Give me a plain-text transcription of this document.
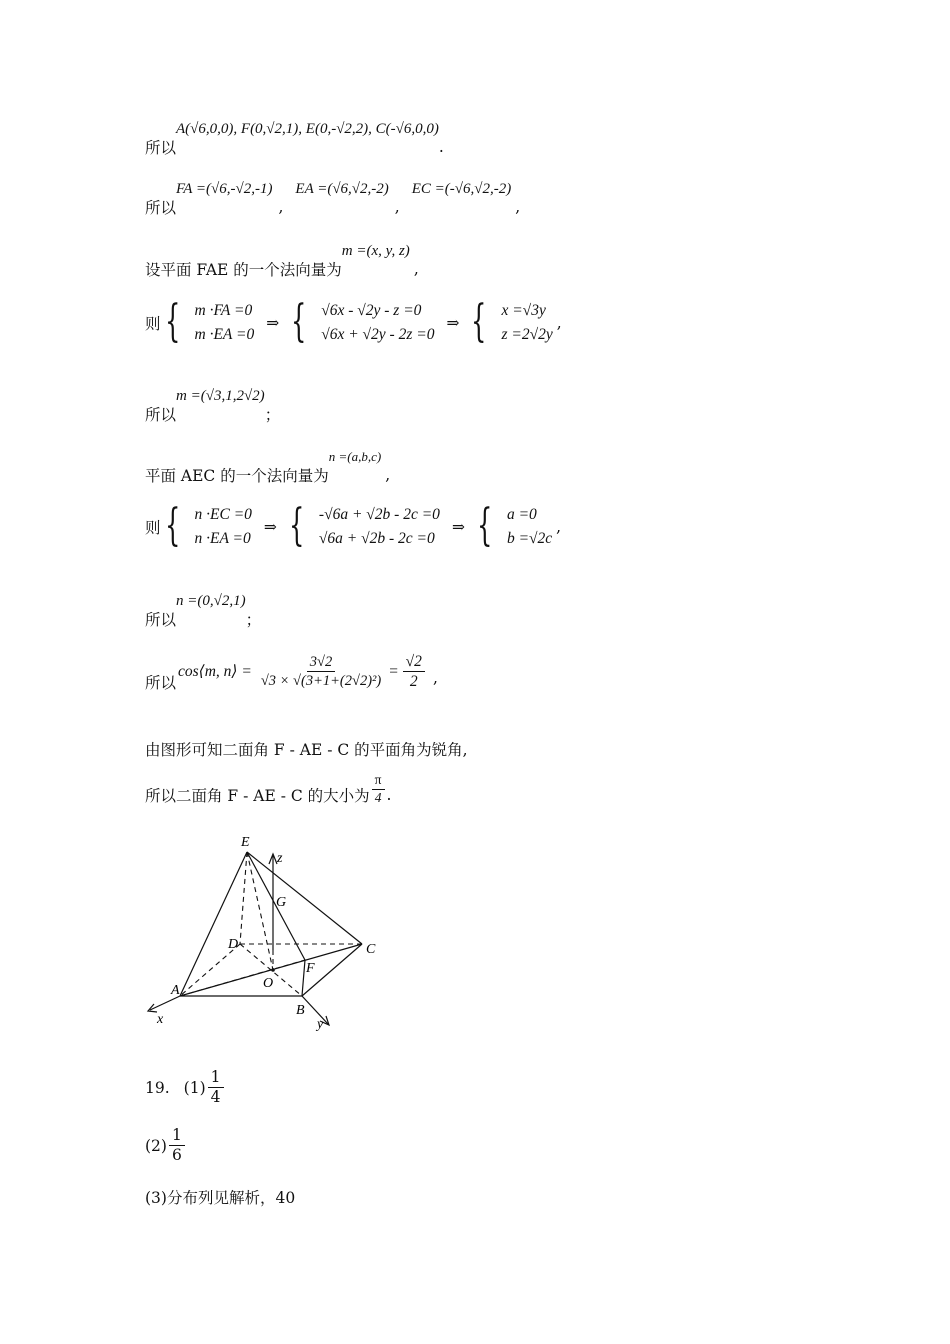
所以
A(√6,0,0), F(0,√2,1), E(0,-√2,2), C(-√6,0,0)
.
所以
FA =(√6,-√2,-1)
,
EA =(√6,√2,-2)
,
EC =(-√6,√2,-2)
,
设平面 FAE 的一个法向量为
m =(x, y, z)
,
则 { m ·FA =0
m ·EA =0
⇒ { √6x - √2y - z =0
√6x + √2y - 2z =0
⇒ { x =√3y
z =2√2y
,
所以
m =(√3,1,2√2)
；
平面 AEC 的一个法向量为
n =(a,b,c)
,
则 { n ·EC =0
n ·EA =0
⇒ { -√6a + √2b - 2c =0
√6a + √2b - 2c =0
⇒ { a =0
b =√2c
,
所以
n =(0,√2,1)
；
所以
cos⟨m, n⟩ = $\frac{3√2}{\text{√3 × √(3+1+(2√2)²)}} = \frac{√2}{2}$ ,
由图形可知二面角 F - AE - C 的平面角为锐角,
所以二面角 F - AE - C 的大小为 $\frac{\pi}{4}$ .
E
z
G
D	C
F
O
A
B
x	y
19. $(1) \frac{1}{4}$
$(2) \frac{1}{6}$
(3)分布列见解析，40
